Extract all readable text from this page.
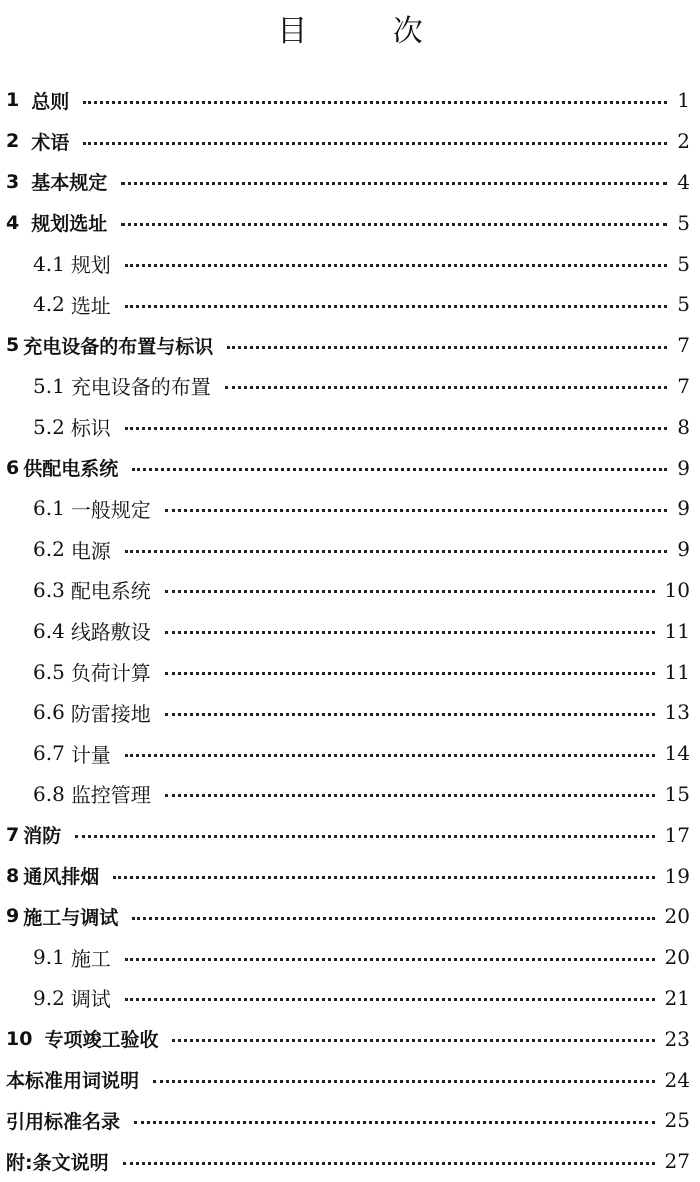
目 次
1 总则	1
2 术语	2
3 基本规定	4
4 规划选址	5
4.1 规划	5
4.2 选址	5
5 充电设备的布置与标识	7
5.1 充电设备的布置	7
5.2 标识	8
6 供配电系统	9
6.1 一般规定	9
6.2 电源	9
6.3 配电系统	10
6.4 线路敷设	11
6.5 负荷计算	11
6.6 防雷接地	13
6.7 计量	14
6.8 监控管理	15
7 消防	17
8 通风排烟	19
9 施工与调试	20
9.1 施工	20
9.2 调试	21
10 专项竣工验收	23
本标准用词说明	24
引用标准名录	25
附:条文说明	27
